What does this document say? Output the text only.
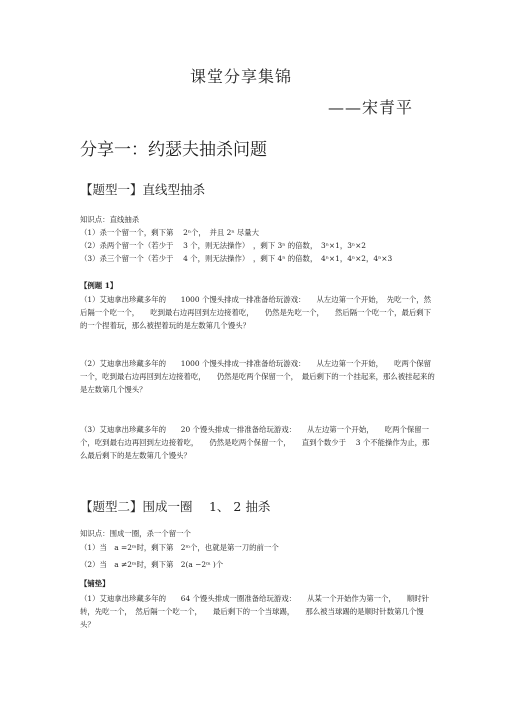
课堂分享集锦
——宋青平
分享一：约瑟夫抽杀问题
【题型一】直线型抽杀
知识点：直线抽杀
（1）杀一个留一个，剩下第　 2ⁿ个，　并且 2ⁿ 尽量大
（2）杀两个留一个（若少于　 3 个，则无法操作）　，剩下 3ⁿ 的倍数，　3ⁿ×1，3ⁿ×2
（3）杀三个留一个（若少于　 4 个，则无法操作）　，剩下 4ⁿ 的倍数，　4ⁿ×1，4ⁿ×2，4ⁿ×3
【例题 1】
（1）艾迪拿出珍藏多年的　　1000 个馒头排成一排准备给玩游戏：　　从左边第一个开始，　先吃一个，然后隔一个吃一个，　　吃到最右边再回到左边接着吃，　　仍然是先吃一个，　　然后隔一个吃一个，最后剩下的一个捏着玩，那么被捏着玩的是左数第几个馒头？
（2）艾迪拿出珍藏多年的　　1000 个馒头排成一排准备给玩游戏：　　从左边第一个开始，　　吃两个保留一个，吃到最右边再回到左边接着吃，　　仍然是吃两个保留一个，　最后剩下的一个挂起来，那么被挂起来的是左数第几个馒头？
（3）艾迪拿出珍藏多年的　　20 个馒头排成一排准备给玩游戏：　　从左边第一个开始，　　吃两个保留一个，吃到最右边再回到左边接着吃，　　仍然是吃两个保留一个，　　直到个数少于　 3 个不能操作为止，那么最后剩下的是左数第几个馒头？
【题型二】围成一圈　 1、 2 抽杀
知识点：围成一圈，杀一个留一个
（1）当　a =2ᵐ时，剩下第　2ᵐ个，也就是第一刀的前一个
（2）当　a ≠2ᵐ时，剩下第　2(a −2ᵐ )个
【铺垫】
（1）艾迪拿出珍藏多年的　　64 个馒头排成一圈准备给玩游戏：　　从某一个开始作为第一个，　　顺时针转，先吃一个，　然后隔一个吃一个，　　最后剩下的一个当球踢，　　那么被当球踢的是顺时针数第几个馒头？
